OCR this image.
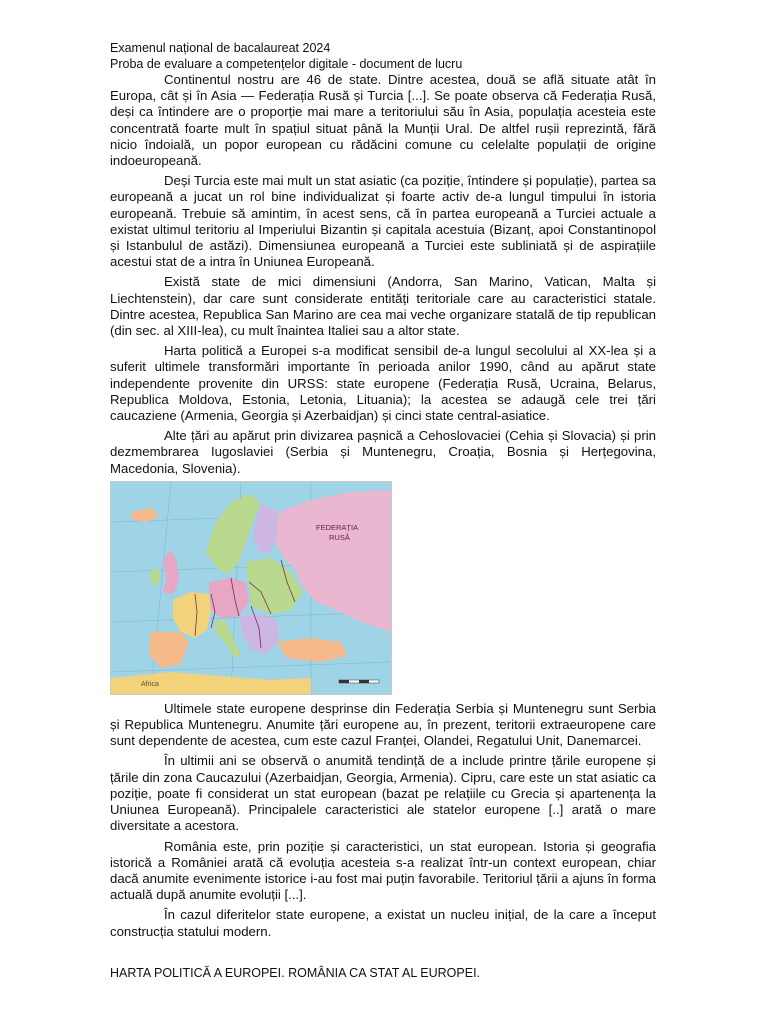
Examenul național de bacalaureat 2024
Proba de evaluare a competențelor digitale - document de lucru

Continentul nostru are 46 de state. Dintre acestea, două se află situate atât în Europa, cât și în Asia — Federația Rusă și Turcia [...]. Se poate observa că Federația Rusă, deși ca întindere are o proporție mai mare a teritoriului său în Asia, populația acesteia este concentrată foarte mult în spațiul situat până la Munții Ural. De altfel rușii reprezintă, fără nicio îndoială, un popor european cu rădăcini comune cu celelalte populații de origine indoeuropeană.

Deși Turcia este mai mult un stat asiatic (ca poziție, întindere și populație), partea sa europeană a jucat un rol bine individualizat și foarte activ de-a lungul timpului în istoria europeană. Trebuie să amintim, în acest sens, că în partea europeană a Turciei actuale a existat ultimul teritoriu al Imperiului Bizantin și capitala acestuia (Bizanț, apoi Constantinopol și Istanbulul de astăzi). Dimensiunea europeană a Turciei este subliniată și de aspirațiile acestui stat de a intra în Uniunea Europeană.

Există state de mici dimensiuni (Andorra, San Marino, Vatican, Malta și Liechtenstein), dar care sunt considerate entități teritoriale care au caracteristici statale. Dintre acestea, Republica San Marino are cea mai veche organizare statală de tip republican (din sec. al XIII-lea), cu mult înaintea Italiei sau a altor state.

Harta politică a Europei s-a modificat sensibil de-a lungul secolului al XX-lea și a suferit ultimele transformări importante în perioada anilor 1990, când au apărut state independente provenite din URSS: state europene (Federația Rusă, Ucraina, Belarus, Republica Moldova, Estonia, Letonia, Lituania); la acestea se adaugă cele trei țări caucaziene (Armenia, Georgia și Azerbaidjan) și cinci state central-asiatice.

Alte țări au apărut prin divizarea pașnică a Cehoslovaciei (Cehia și Slovacia) și prin dezmembrarea Iugoslaviei (Serbia și Muntenegru, Croația, Bosnia și Herțegovina, Macedonia, Slovenia).

FEDERAȚIA
RUSĂ
Africa

Ultimele state europene desprinse din Federația Serbia și Muntenegru sunt Serbia și Republica Muntenegru. Anumite țări europene au, în prezent, teritorii extraeuropene care sunt dependente de acestea, cum este cazul Franței, Olandei, Regatului Unit, Danemarcei.

În ultimii ani se observă o anumită tendință de a include printre țările europene și țările din zona Caucazului (Azerbaidjan, Georgia, Armenia). Cipru, care este un stat asiatic ca poziție, poate fi considerat un stat european (bazat pe relațiile cu Grecia și apartenența la Uniunea Europeană). Principalele caracteristici ale statelor europene [..] arată o mare diversitate a acestora.

România este, prin poziție și caracteristici, un stat european. Istoria și geografia istorică a României arată că evoluția acesteia s-a realizat într-un context european, chiar dacă anumite evenimente istorice i-au fost mai puțin favorabile. Teritoriul țării a ajuns în forma actuală după anumite evoluții [...].

În cazul diferitelor state europene, a existat un nucleu inițial, de la care a început construcția statului modern.

HARTA POLITICĂ A EUROPEI. ROMÂNIA CA STAT AL EUROPEI.
